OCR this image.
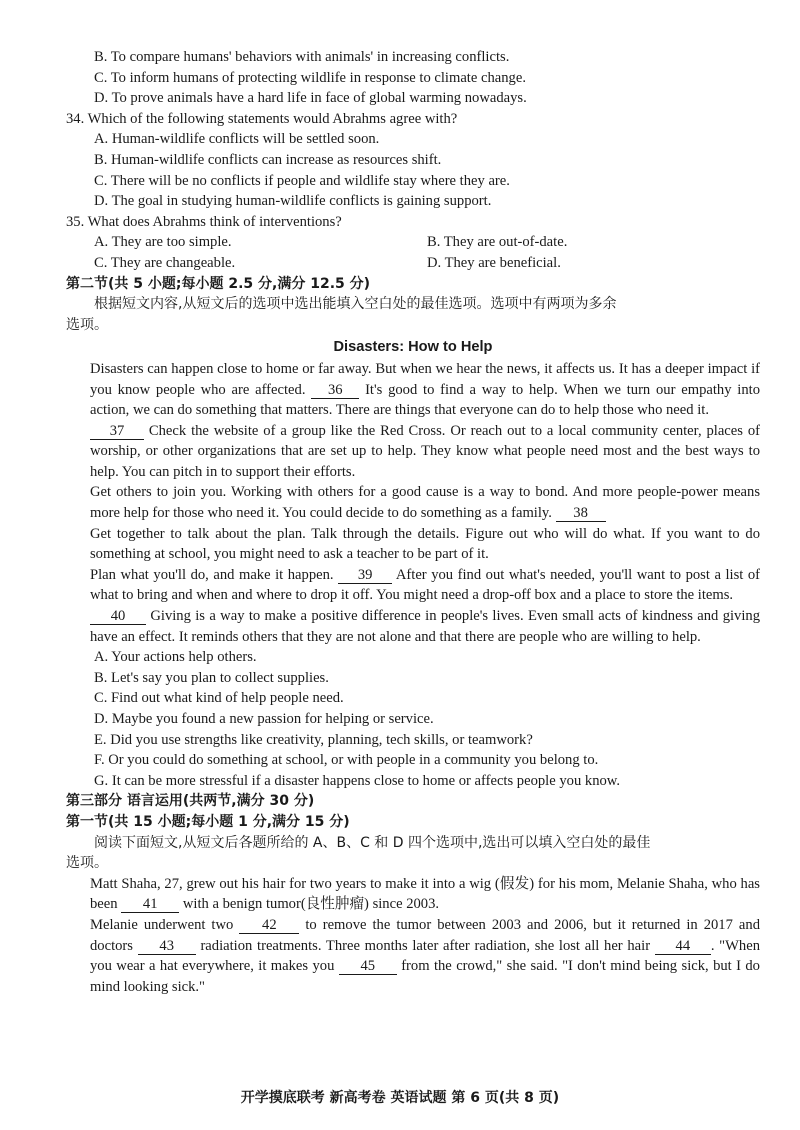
B. To compare humans' behaviors with animals' in increasing conflicts.
C. To inform humans of protecting wildlife in response to climate change.
D. To prove animals have a hard life in face of global warming nowadays.
34. Which of the following statements would Abrahms agree with?
A. Human-wildlife conflicts will be settled soon.
B. Human-wildlife conflicts can increase as resources shift.
C. There will be no conflicts if people and wildlife stay where they are.
D. The goal in studying human-wildlife conflicts is gaining support.
35. What does Abrahms think of interventions?
A. They are too simple.	B. They are out-of-date.
C. They are changeable.	D. They are beneficial.
第二节(共 5 小题;每小题 2.5 分,满分 12.5 分)
根据短文内容,从短文后的选项中选出能填入空白处的最佳选项。选项中有两项为多余
选项。
Disasters: How to Help
Disasters can happen close to home or far away. But when we hear the news, it affects us. It has a deeper impact if you know people who are affected. 36 It's good to find a way to help. When we turn our empathy into action, we can do something that matters. There are things that everyone can do to help those who need it.
37 Check the website of a group like the Red Cross. Or reach out to a local community center, places of worship, or other organizations that are set up to help. They know what people need most and the best ways to help. You can pitch in to support their efforts.
Get others to join you. Working with others for a good cause is a way to bond. And more people-power means more help for those who need it. You could decide to do something as a family. 38
Get together to talk about the plan. Talk through the details. Figure out who will do what. If you want to do something at school, you might need to ask a teacher to be part of it.
Plan what you'll do, and make it happen. 39 After you find out what's needed, you'll want to post a list of what to bring and when and where to drop it off. You might need a drop-off box and a place to store the items.
40 Giving is a way to make a positive difference in people's lives. Even small acts of kindness and giving have an effect. It reminds others that they are not alone and that there are people who are willing to help.
A. Your actions help others.
B. Let's say you plan to collect supplies.
C. Find out what kind of help people need.
D. Maybe you found a new passion for helping or service.
E. Did you use strengths like creativity, planning, tech skills, or teamwork?
F. Or you could do something at school, or with people in a community you belong to.
G. It can be more stressful if a disaster happens close to home or affects people you know.
第三部分 语言运用(共两节,满分 30 分)
第一节(共 15 小题;每小题 1 分,满分 15 分)
阅读下面短文,从短文后各题所给的 A、B、C 和 D 四个选项中,选出可以填入空白处的最佳
选项。
Matt Shaha, 27, grew out his hair for two years to make it into a wig (假发) for his mom, Melanie Shaha, who has been 41 with a benign tumor(良性肿瘤) since 2003.
Melanie underwent two 42 to remove the tumor between 2003 and 2006, but it returned in 2017 and doctors 43 radiation treatments. Three months later after radiation, she lost all her hair 44 . "When you wear a hat everywhere, it makes you 45 from the crowd," she said. "I don't mind being sick, but I do mind looking sick."
开学摸底联考 新高考卷 英语试题 第 6 页(共 8 页)
